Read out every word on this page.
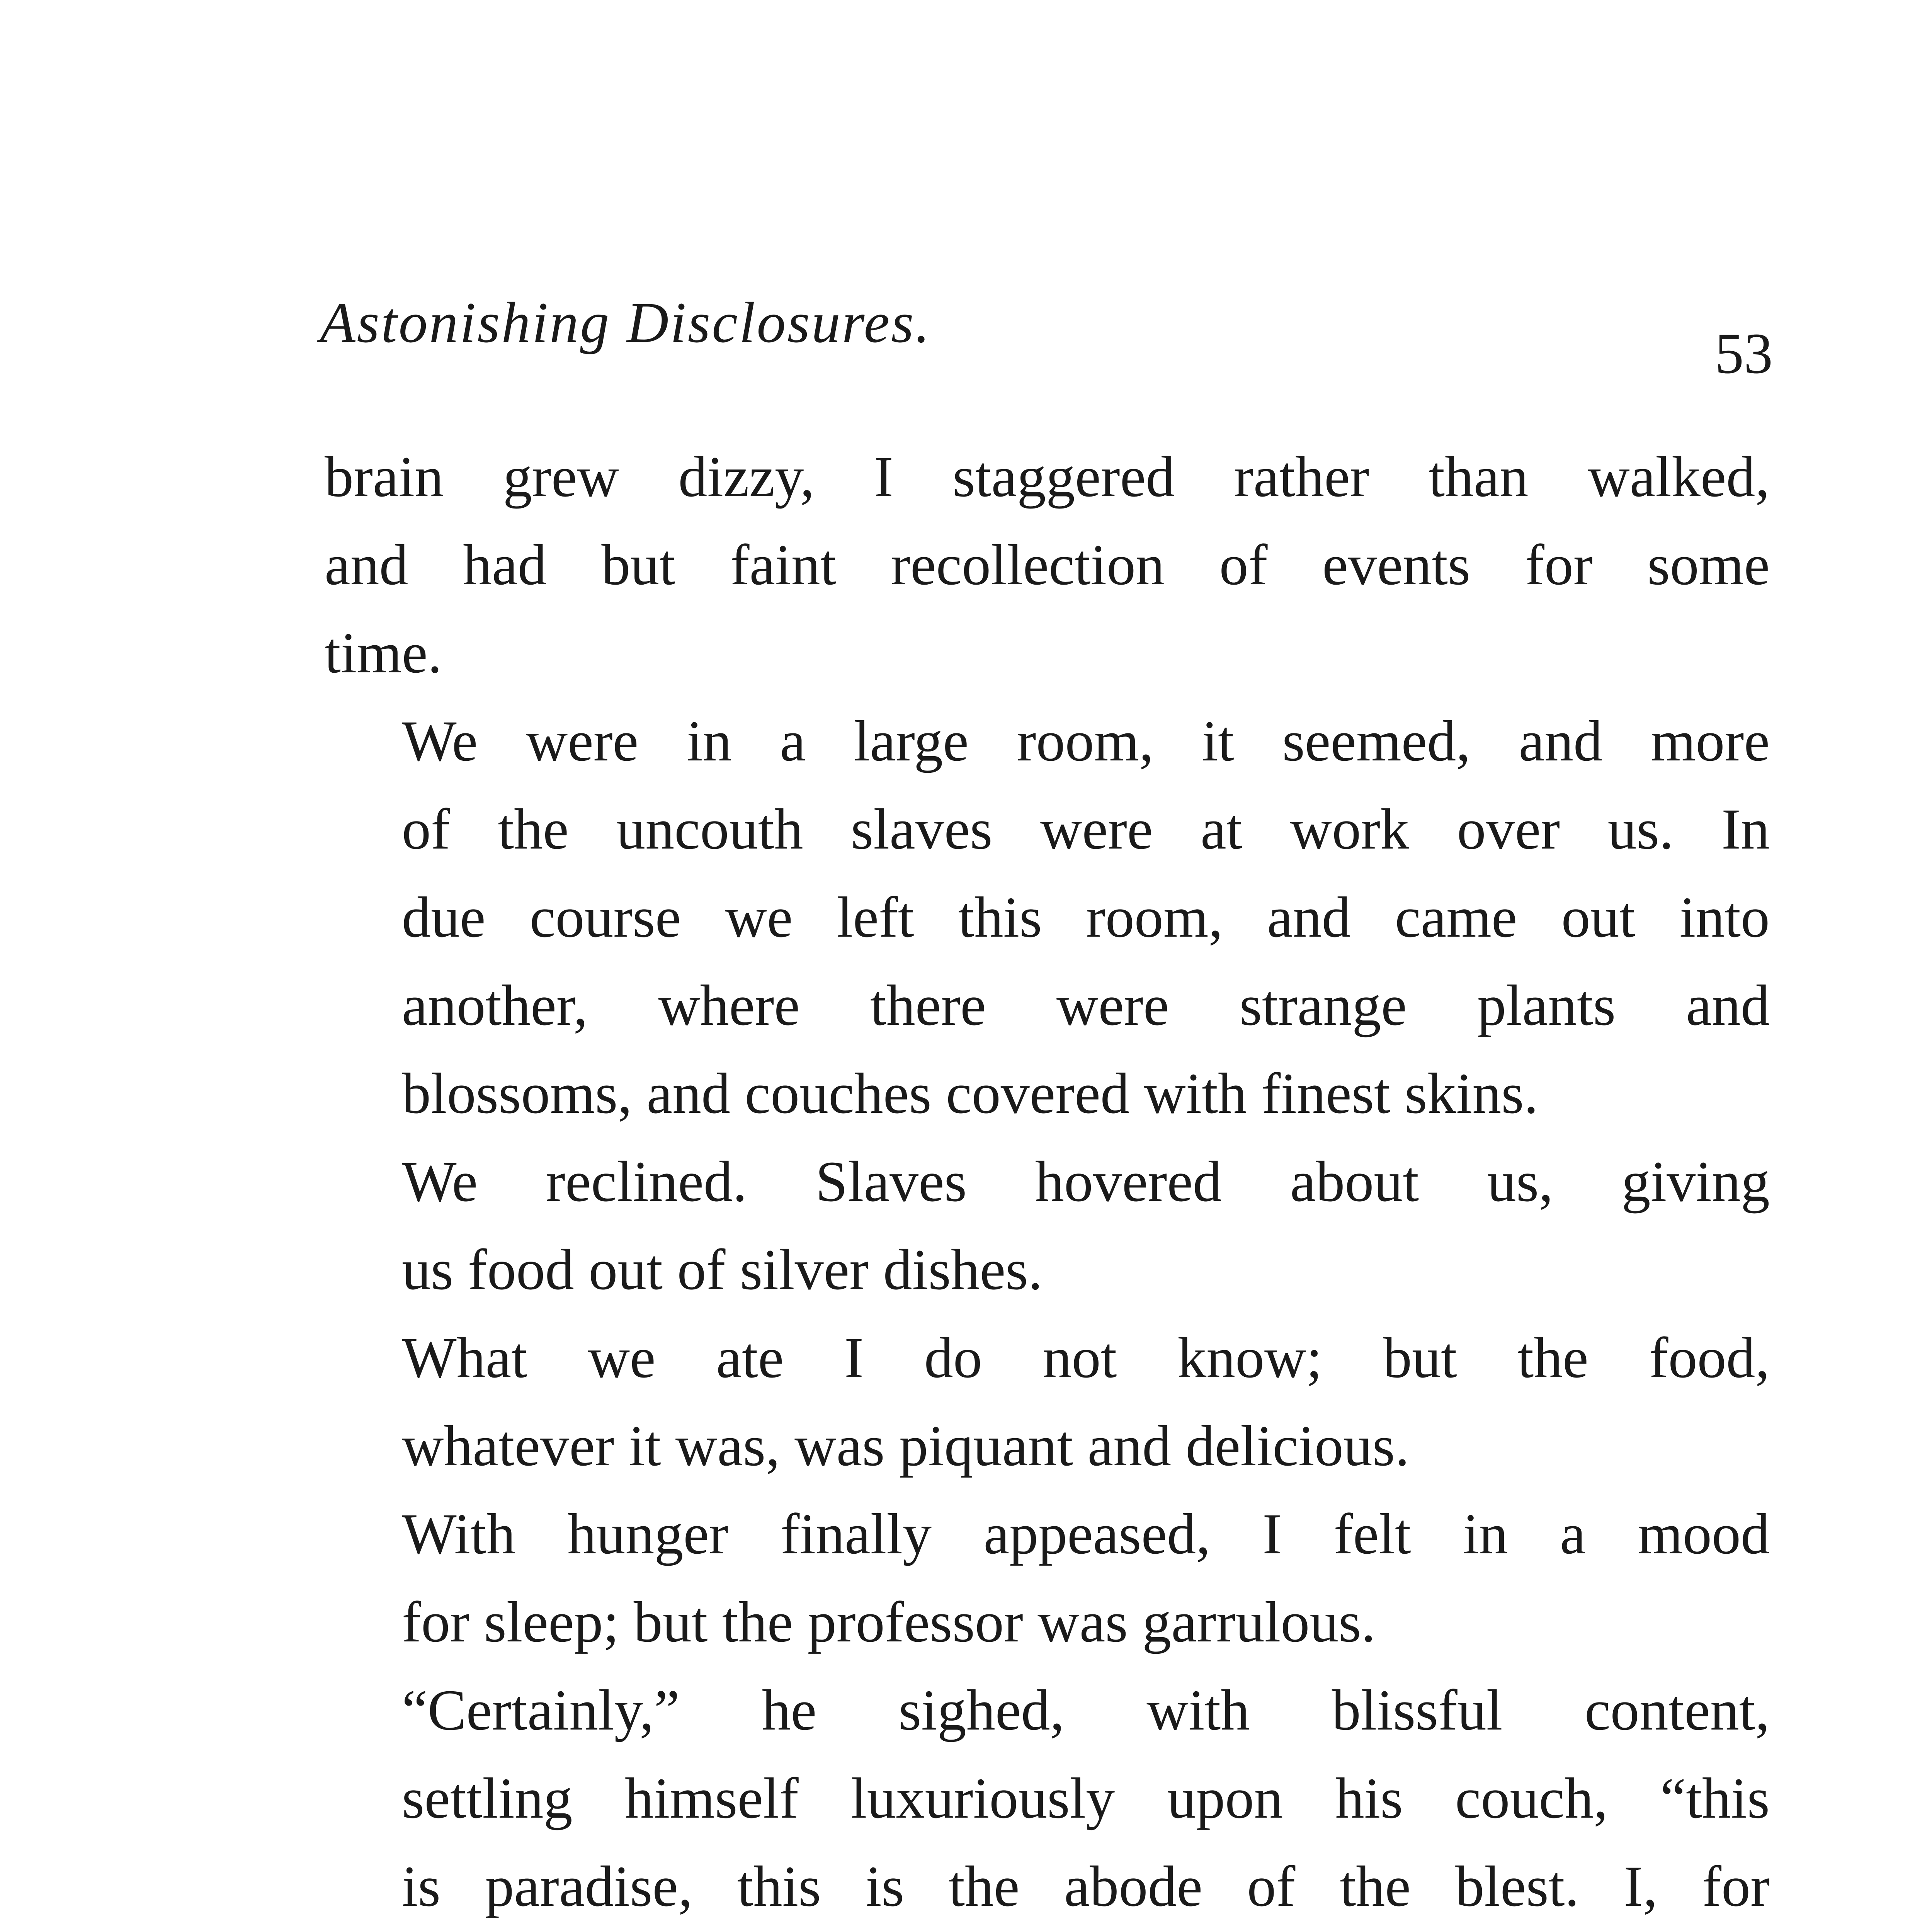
Astonishing Disclosures.	53

brain grew dizzy, I staggered rather than walked,
and had but faint recollection of events for some
time.

We were in a large room, it seemed, and more
of the uncouth slaves were at work over us. In
due course we left this room, and came out into
another, where there were strange plants and
blossoms, and couches covered with finest skins.

We reclined. Slaves hovered about us, giving
us food out of silver dishes.

What we ate I do not know; but the food,
whatever it was, was piquant and delicious.

With hunger finally appeased, I felt in a mood
for sleep; but the professor was garrulous.

“Certainly,” he sighed, with blissful content,
settling himself luxuriously upon his couch, “this
is paradise, this is the abode of the blest. I, for
